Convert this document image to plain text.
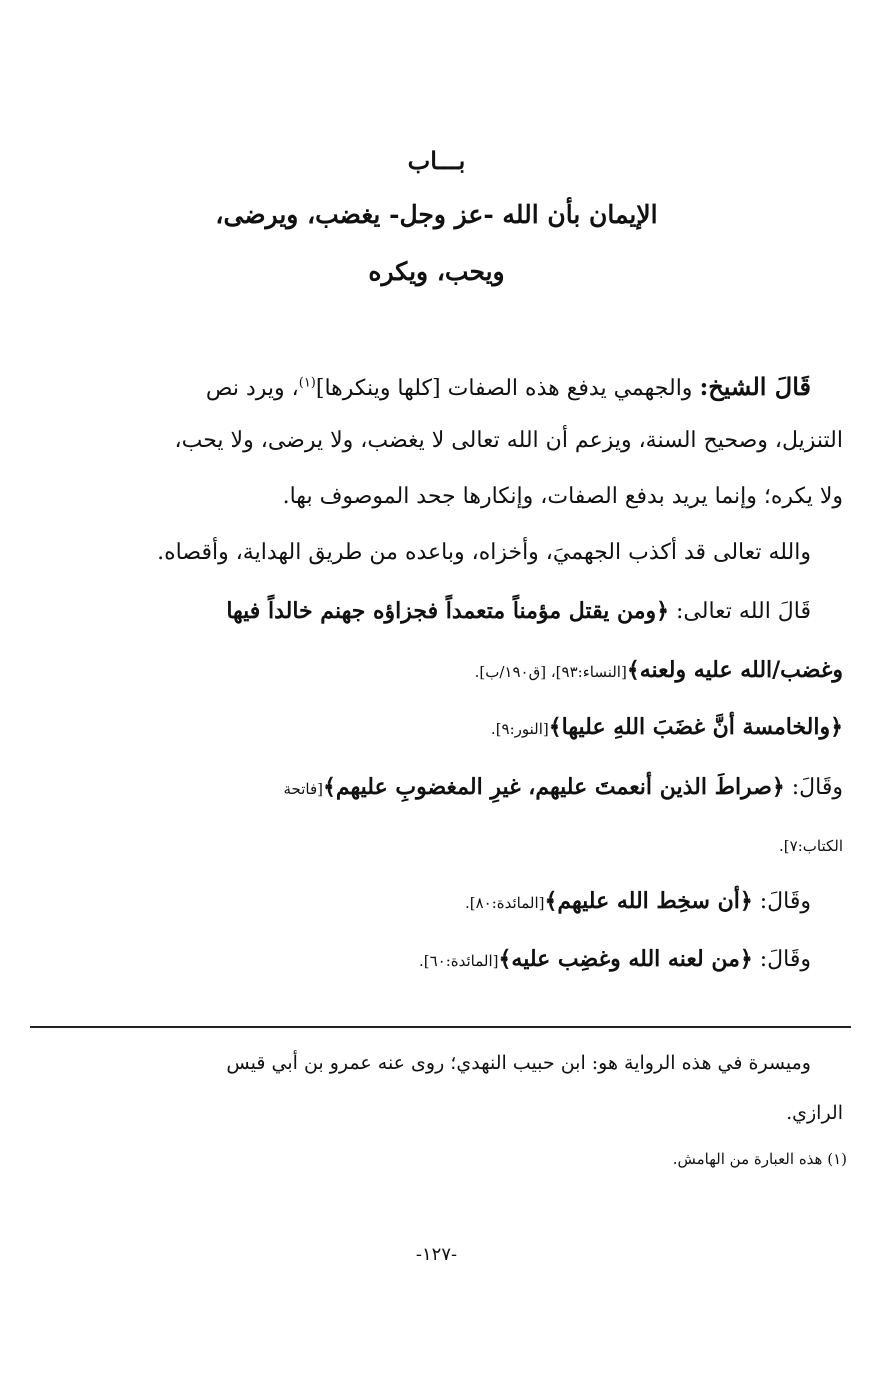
بـــاب
الإيمان بأن الله -عز وجل- يغضب، ويرضى،
ويحب، ويكره
قَالَ الشيخ: والجهمي يدفع هذه الصفات [كلها وينكرها]$^{(١)}$، ويرد نص
التنزيل، وصحيح السنة، ويزعم أن الله تعالى لا يغضب، ولا يرضى، ولا يحب،
ولا يكره؛ وإنما يريد بدفع الصفات، وإنكارها جحد الموصوف بها.
والله تعالى قد أكذب الجهميَ، وأخزاه، وباعده من طريق الهداية، وأقصاه.
قَالَ الله تعالى: ﴿ومن يقتل مؤمناً متعمداً فجزاؤه جهنم خالداً فيها
وغضب/الله عليه ولعنه﴾[النساء:٩٣]، [ق١٩٠/ب].
﴿والخامسة أنَّ غضَبَ اللهِ عليها﴾[النور:٩].
وقَالَ: ﴿صراطَ الذين أنعمتَ عليهم، غيرِ المغضوبِ عليهم﴾[فاتحة
الكتاب:٧].
وقَالَ: ﴿أن سخِط الله عليهم﴾[المائدة:٨٠].
وقَالَ: ﴿من لعنه الله وغضِب عليه﴾[المائدة:٦٠].
وميسرة في هذه الرواية هو: ابن حبيب النهدي؛ روى عنه عمرو بن أبي قيس
الرازي.
(١) هذه العبارة من الهامش.
-١٢٧-
